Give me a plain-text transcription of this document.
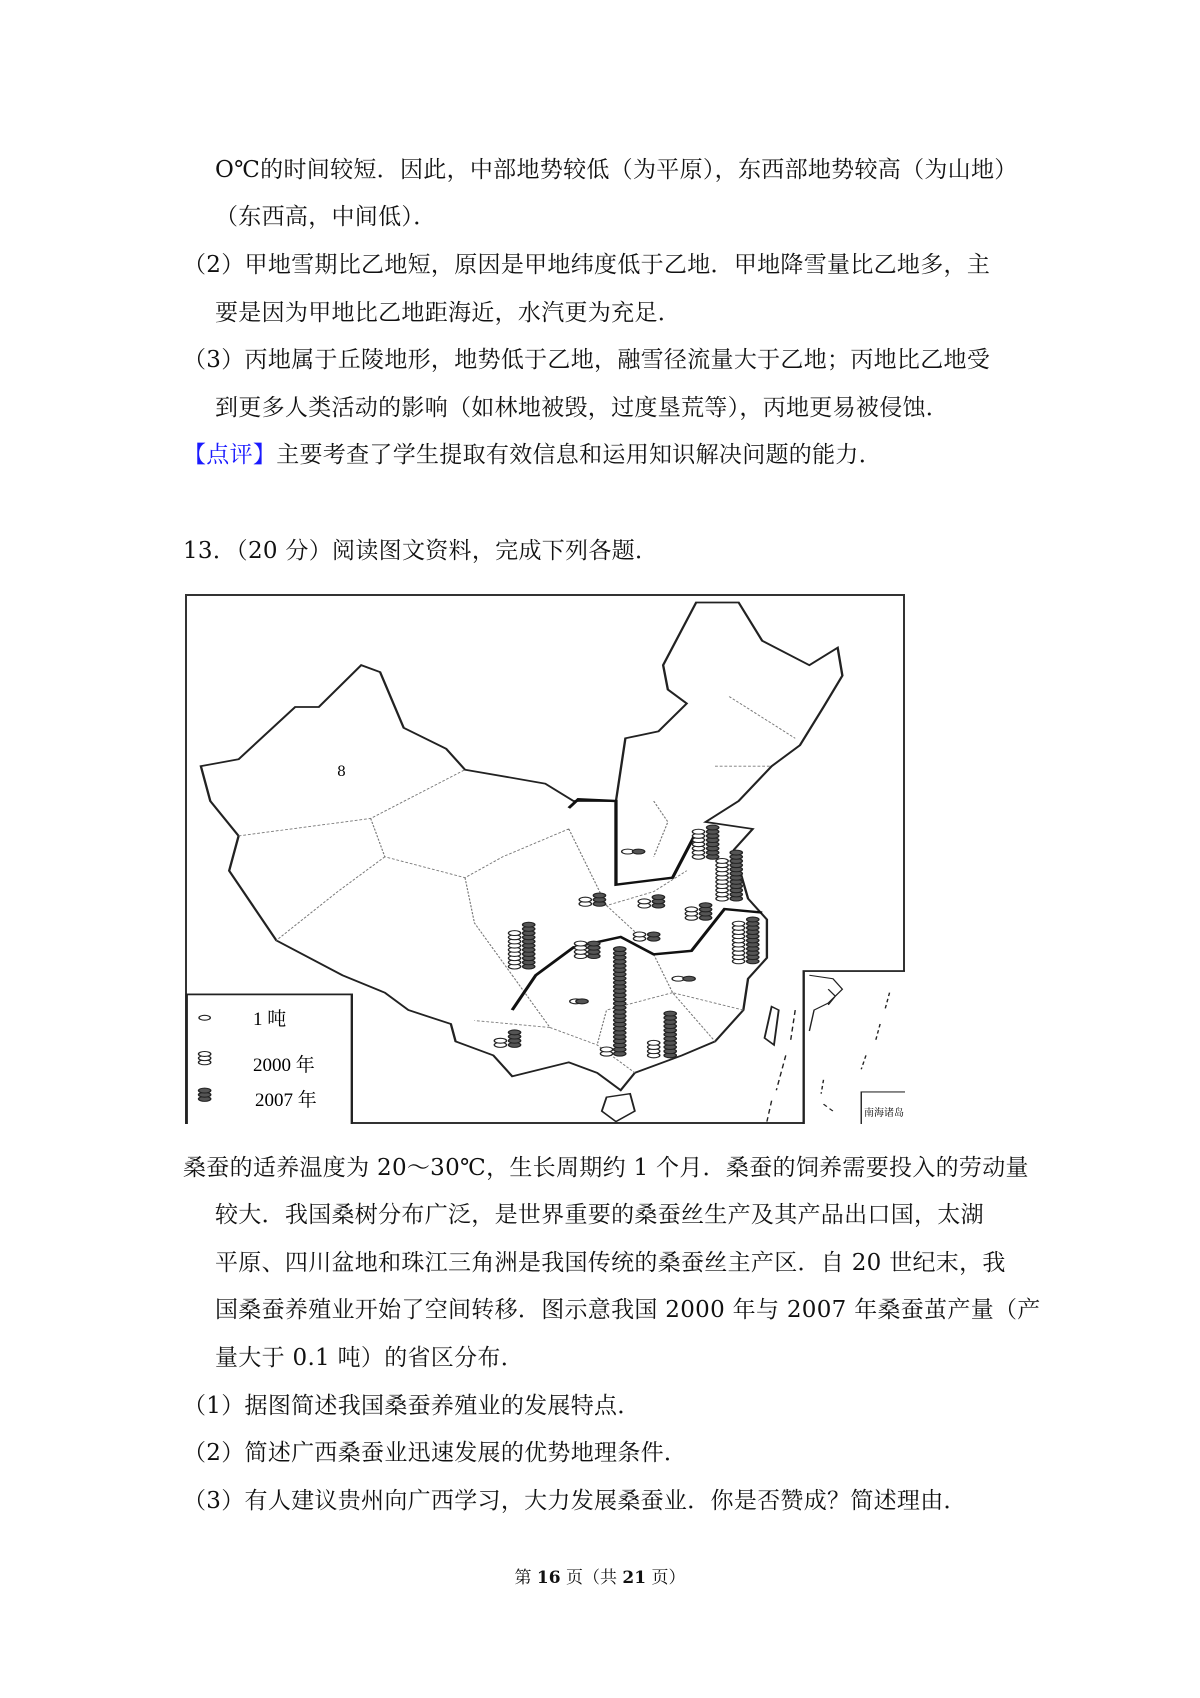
O℃的时间较短．因此，中部地势较低（为平原），东西部地势较高（为山地）
（东西高，中间低）．
（2）甲地雪期比乙地短，原因是甲地纬度低于乙地．甲地降雪量比乙地多，主
要是因为甲地比乙地距海近，水汽更为充足．
（3）丙地属于丘陵地形，地势低于乙地，融雪径流量大于乙地；丙地比乙地受
到更多人类活动的影响（如林地被毁，过度垦荒等），丙地更易被侵蚀．
【点评】主要考查了学生提取有效信息和运用知识解决问题的能力．
13．（20 分）阅读图文资料，完成下列各题．
8
1 吨
2000 年
2007 年
南海诸岛
桑蚕的适养温度为 20～30℃，生长周期约 1 个月．桑蚕的饲养需要投入的劳动量
较大．我国桑树分布广泛，是世界重要的桑蚕丝生产及其产品出口国，太湖
平原、四川盆地和珠江三角洲是我国传统的桑蚕丝主产区．自 20 世纪末，我
国桑蚕养殖业开始了空间转移．图示意我国 2000 年与 2007 年桑蚕茧产量（产
量大于 0.1 吨）的省区分布．
（1）据图简述我国桑蚕养殖业的发展特点．
（2）简述广西桑蚕业迅速发展的优势地理条件．
（3）有人建议贵州向广西学习，大力发展桑蚕业．你是否赞成？简述理由．
第 16 页（共 21 页）
